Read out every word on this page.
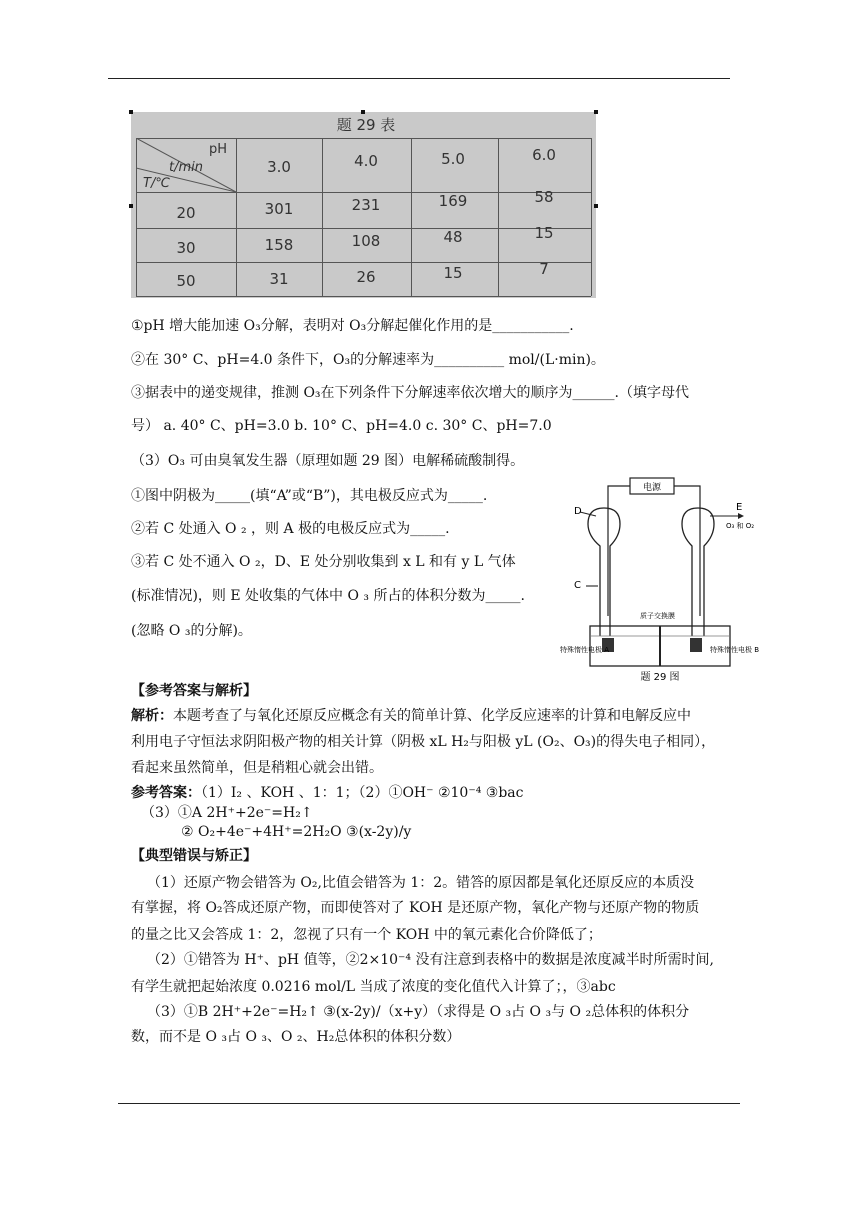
题 29 表
pH
t/min
T/℃
3.0	4.0	5.0	6.0
20	301	231	169	58
30	158	108	48	15
50	31	26	15	7
①pH 增大能加速 O₃分解，表明对 O₃分解起催化作用的是___________.
②在 30° C、pH=4.0 条件下，O₃的分解速率为__________ mol/(L·min)。
③据表中的递变规律，推测 O₃在下列条件下分解速率依次增大的顺序为______.（填字母代
号） a. 40° C、pH=3.0 b. 10° C、pH=4.0 c. 30° C、pH=7.0
（3）O₃ 可由臭氧发生器（原理如题 29 图）电解稀硫酸制得。
①图中阴极为_____(填“A”或“B”)，其电极反应式为_____.
②若 C 处通入 O ₂ ，则 A 极的电极反应式为_____.
③若 C 处不通入 O ₂，D、E 处分别收集到 x L 和有 y L 气体
(标准情况)，则 E 处收集的气体中 O ₃ 所占的体积分数为_____.
(忽略 O ₃的分解)。
电源
D	E
O₃ 和 O₂
C
质子交换膜
特殊惰性电极 A	特殊惰性电极 B
题 29 图
【参考答案与解析】
解析：本题考查了与氧化还原反应概念有关的简单计算、化学反应速率的计算和电解反应中
利用电子守恒法求阴阳极产物的相关计算（阴极 xL H₂与阳极 yL (O₂、O₃)的得失电子相同），
看起来虽然简单，但是稍粗心就会出错。
参考答案：（1）I₂ 、KOH 、1：1；（2）①OH⁻ ②10⁻⁴ ③bac
（3）①A 2H⁺+2e⁻=H₂↑
② O₂+4e⁻+4H⁺=2H₂O ③(x-2y)/y
【典型错误与矫正】
（1）还原产物会错答为 O₂,比值会错答为 1：2。错答的原因都是氧化还原反应的本质没
有掌握，将 O₂答成还原产物，而即使答对了 KOH 是还原产物，氧化产物与还原产物的物质
的量之比又会答成 1：2，忽视了只有一个 KOH 中的氧元素化合价降低了；
（2）①错答为 H⁺、pH 值等，②2×10⁻⁴ 没有注意到表格中的数据是浓度减半时所需时间,
有学生就把起始浓度 0.0216 mol/L 当成了浓度的变化值代入计算了；，③abc
（3）①B 2H⁺+2e⁻=H₂↑ ③(x-2y)/（x+y）（求得是 O ₃占 O ₃与 O ₂总体积的体积分
数，而不是 O ₃占 O ₃、O ₂、H₂总体积的体积分数）
